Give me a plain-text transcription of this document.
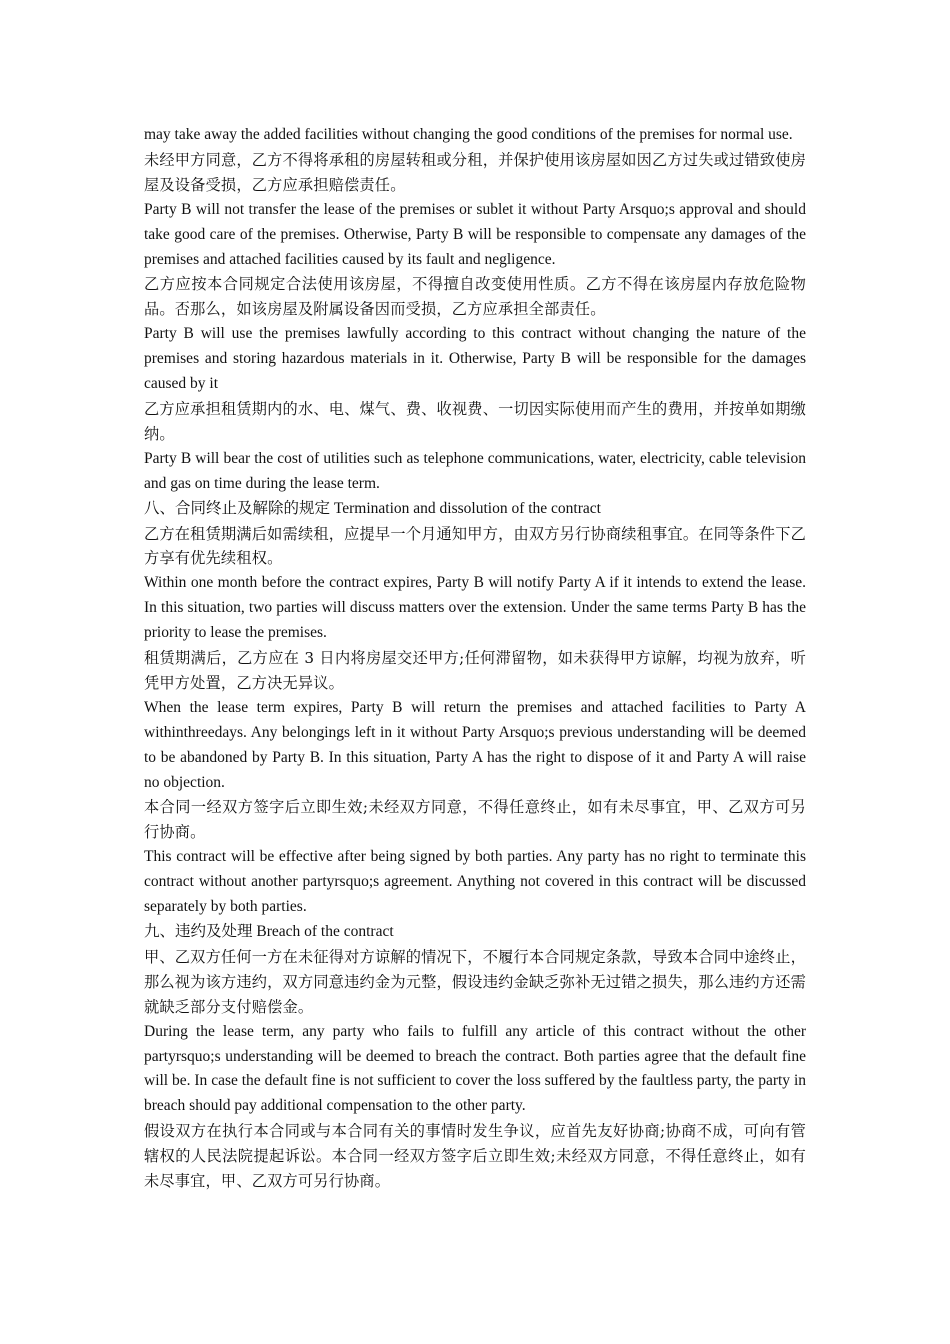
may take away the added facilities without changing the good conditions of the premises for normal use.

未经甲方同意，乙方不得将承租的房屋转租或分租，并保护使用该房屋如因乙方过失或过错致使房屋及设备受损，乙方应承担赔偿责任。

Party B will not transfer the lease of the premises or sublet it without Party Arsquo;s approval and should take good care of the premises. Otherwise, Party B will be responsible to compensate any damages of the premises and attached facilities caused by its fault and negligence.

乙方应按本合同规定合法使用该房屋，不得擅自改变使用性质。乙方不得在该房屋内存放危险物品。否那么，如该房屋及附属设备因而受损，乙方应承担全部责任。

Party B will use the premises lawfully according to this contract without changing the nature of the premises and storing hazardous materials in it. Otherwise, Party B will be responsible for the damages caused by it

乙方应承担租赁期内的水、电、煤气、费、收视费、一切因实际使用而产生的费用，并按单如期缴纳。

Party B will bear the cost of utilities such as telephone communications, water, electricity, cable television and gas on time during the lease term.

八、合同终止及解除的规定 Termination and dissolution of the contract

乙方在租赁期满后如需续租，应提早一个月通知甲方，由双方另行协商续租事宜。在同等条件下乙方享有优先续租权。

Within one month before the contract expires, Party B will notify Party A if it intends to extend the lease. In this situation, two parties will discuss matters over the extension. Under the same terms Party B has the priority to lease the premises.

租赁期满后，乙方应在 3 日内将房屋交还甲方;任何滞留物，如未获得甲方谅解，均视为放弃，听凭甲方处置，乙方决无异议。

When the lease term expires, Party B will return the premises and attached facilities to Party A withinthreedays. Any belongings left in it without Party Arsquo;s previous understanding will be deemed to be abandoned by Party B. In this situation, Party A has the right to dispose of it and Party A will raise no objection.

本合同一经双方签字后立即生效;未经双方同意，不得任意终止，如有未尽事宜，甲、乙双方可另行协商。

This contract will be effective after being signed by both parties. Any party has no right to terminate this contract without another partyrsquo;s agreement. Anything not covered in this contract will be discussed separately by both parties.

九、违约及处理 Breach of the contract

甲、乙双方任何一方在未征得对方谅解的情况下，不履行本合同规定条款，导致本合同中途终止，那么视为该方违约，双方同意违约金为元整，假设违约金缺乏弥补无过错之损失，那么违约方还需就缺乏部分支付赔偿金。

During the lease term, any party who fails to fulfill any article of this contract without the other partyrsquo;s understanding will be deemed to breach the contract. Both parties agree that the default fine will be. In case the default fine is not sufficient to cover the loss suffered by the faultless party, the party in breach should pay additional compensation to the other party.

假设双方在执行本合同或与本合同有关的事情时发生争议，应首先友好协商;协商不成，可向有管辖权的人民法院提起诉讼。本合同一经双方签字后立即生效;未经双方同意，不得任意终止，如有未尽事宜，甲、乙双方可另行协商。
